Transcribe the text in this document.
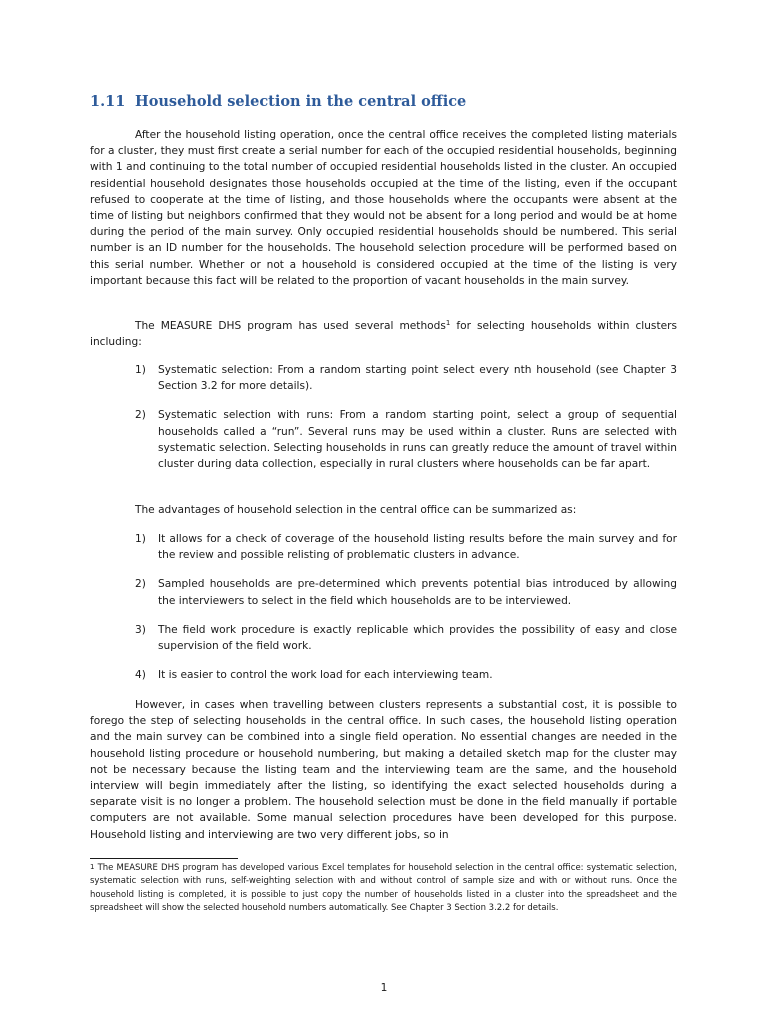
1.11 Household selection in the central office

After the household listing operation, once the central office receives the completed listing materials for a cluster, they must first create a serial number for each of the occupied residential households, beginning with 1 and continuing to the total number of occupied residential households listed in the cluster. An occupied residential household designates those households occupied at the time of the listing, even if the occupant refused to cooperate at the time of listing, and those households where the occupants were absent at the time of listing but neighbors confirmed that they would not be absent for a long period and would be at home during the period of the main survey. Only occupied residential households should be numbered. This serial number is an ID number for the households. The household selection procedure will be performed based on this serial number. Whether or not a household is considered occupied at the time of the listing is very important because this fact will be related to the proportion of vacant households in the main survey.

The MEASURE DHS program has used several methods$^1$ for selecting households within clusters including:

1) Systematic selection: From a random starting point select every nth household (see Chapter 3 Section 3.2 for more details).
2) Systematic selection with runs: From a random starting point, select a group of sequential households called a “run”. Several runs may be used within a cluster. Runs are selected with systematic selection. Selecting households in runs can greatly reduce the amount of travel within cluster during data collection, especially in rural clusters where households can be far apart.

The advantages of household selection in the central office can be summarized as:

1) It allows for a check of coverage of the household listing results before the main survey and for the review and possible relisting of problematic clusters in advance.
2) Sampled households are pre-determined which prevents potential bias introduced by allowing the interviewers to select in the field which households are to be interviewed.
3) The field work procedure is exactly replicable which provides the possibility of easy and close supervision of the field work.
4) It is easier to control the work load for each interviewing team.

However, in cases when travelling between clusters represents a substantial cost, it is possible to forego the step of selecting households in the central office. In such cases, the household listing operation and the main survey can be combined into a single field operation. No essential changes are needed in the household listing procedure or household numbering, but making a detailed sketch map for the cluster may not be necessary because the listing team and the interviewing team are the same, and the household interview will begin immediately after the listing, so identifying the exact selected households during a separate visit is no longer a problem. The household selection must be done in the field manually if portable computers are not available. Some manual selection procedures have been developed for this purpose. Household listing and interviewing are two very different jobs, so in

$^1$ The MEASURE DHS program has developed various Excel templates for household selection in the central office: systematic selection, systematic selection with runs, self-weighting selection with and without control of sample size and with or without runs. Once the household listing is completed, it is possible to just copy the number of households listed in a cluster into the spreadsheet and the spreadsheet will show the selected household numbers automatically. See Chapter 3 Section 3.2.2 for details.

1
